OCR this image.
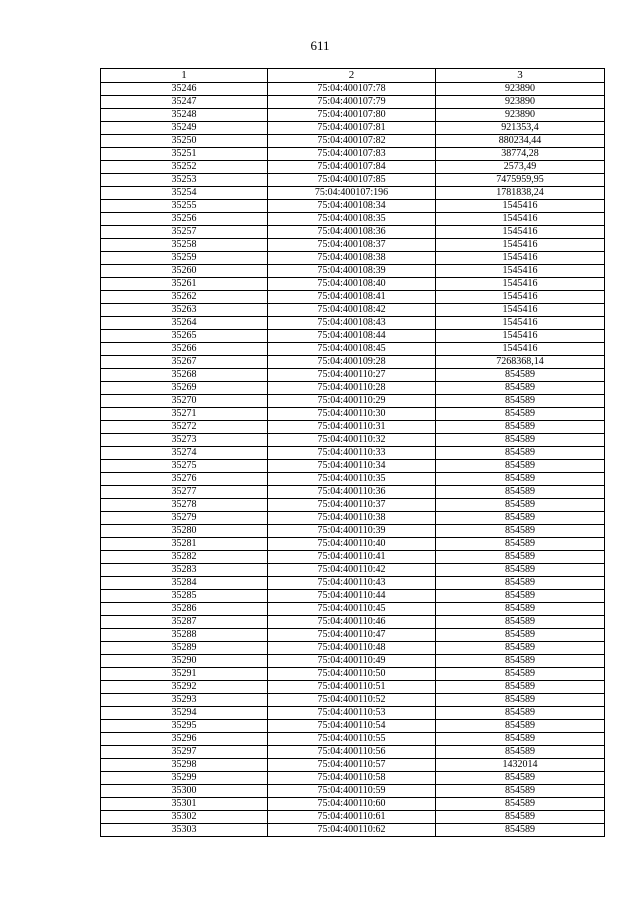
611
1	2	3
35246	75:04:400107:78	923890
35247	75:04:400107:79	923890
35248	75:04:400107:80	923890
35249	75:04:400107:81	921353,4
35250	75:04:400107:82	880234,44
35251	75:04:400107:83	38774,28
35252	75:04:400107:84	2573,49
35253	75:04:400107:85	7475959,95
35254	75:04:400107:196	1781838,24
35255	75:04:400108:34	1545416
35256	75:04:400108:35	1545416
35257	75:04:400108:36	1545416
35258	75:04:400108:37	1545416
35259	75:04:400108:38	1545416
35260	75:04:400108:39	1545416
35261	75:04:400108:40	1545416
35262	75:04:400108:41	1545416
35263	75:04:400108:42	1545416
35264	75:04:400108:43	1545416
35265	75:04:400108:44	1545416
35266	75:04:400108:45	1545416
35267	75:04:400109:28	7268368,14
35268	75:04:400110:27	854589
35269	75:04:400110:28	854589
35270	75:04:400110:29	854589
35271	75:04:400110:30	854589
35272	75:04:400110:31	854589
35273	75:04:400110:32	854589
35274	75:04:400110:33	854589
35275	75:04:400110:34	854589
35276	75:04:400110:35	854589
35277	75:04:400110:36	854589
35278	75:04:400110:37	854589
35279	75:04:400110:38	854589
35280	75:04:400110:39	854589
35281	75:04:400110:40	854589
35282	75:04:400110:41	854589
35283	75:04:400110:42	854589
35284	75:04:400110:43	854589
35285	75:04:400110:44	854589
35286	75:04:400110:45	854589
35287	75:04:400110:46	854589
35288	75:04:400110:47	854589
35289	75:04:400110:48	854589
35290	75:04:400110:49	854589
35291	75:04:400110:50	854589
35292	75:04:400110:51	854589
35293	75:04:400110:52	854589
35294	75:04:400110:53	854589
35295	75:04:400110:54	854589
35296	75:04:400110:55	854589
35297	75:04:400110:56	854589
35298	75:04:400110:57	1432014
35299	75:04:400110:58	854589
35300	75:04:400110:59	854589
35301	75:04:400110:60	854589
35302	75:04:400110:61	854589
35303	75:04:400110:62	854589
